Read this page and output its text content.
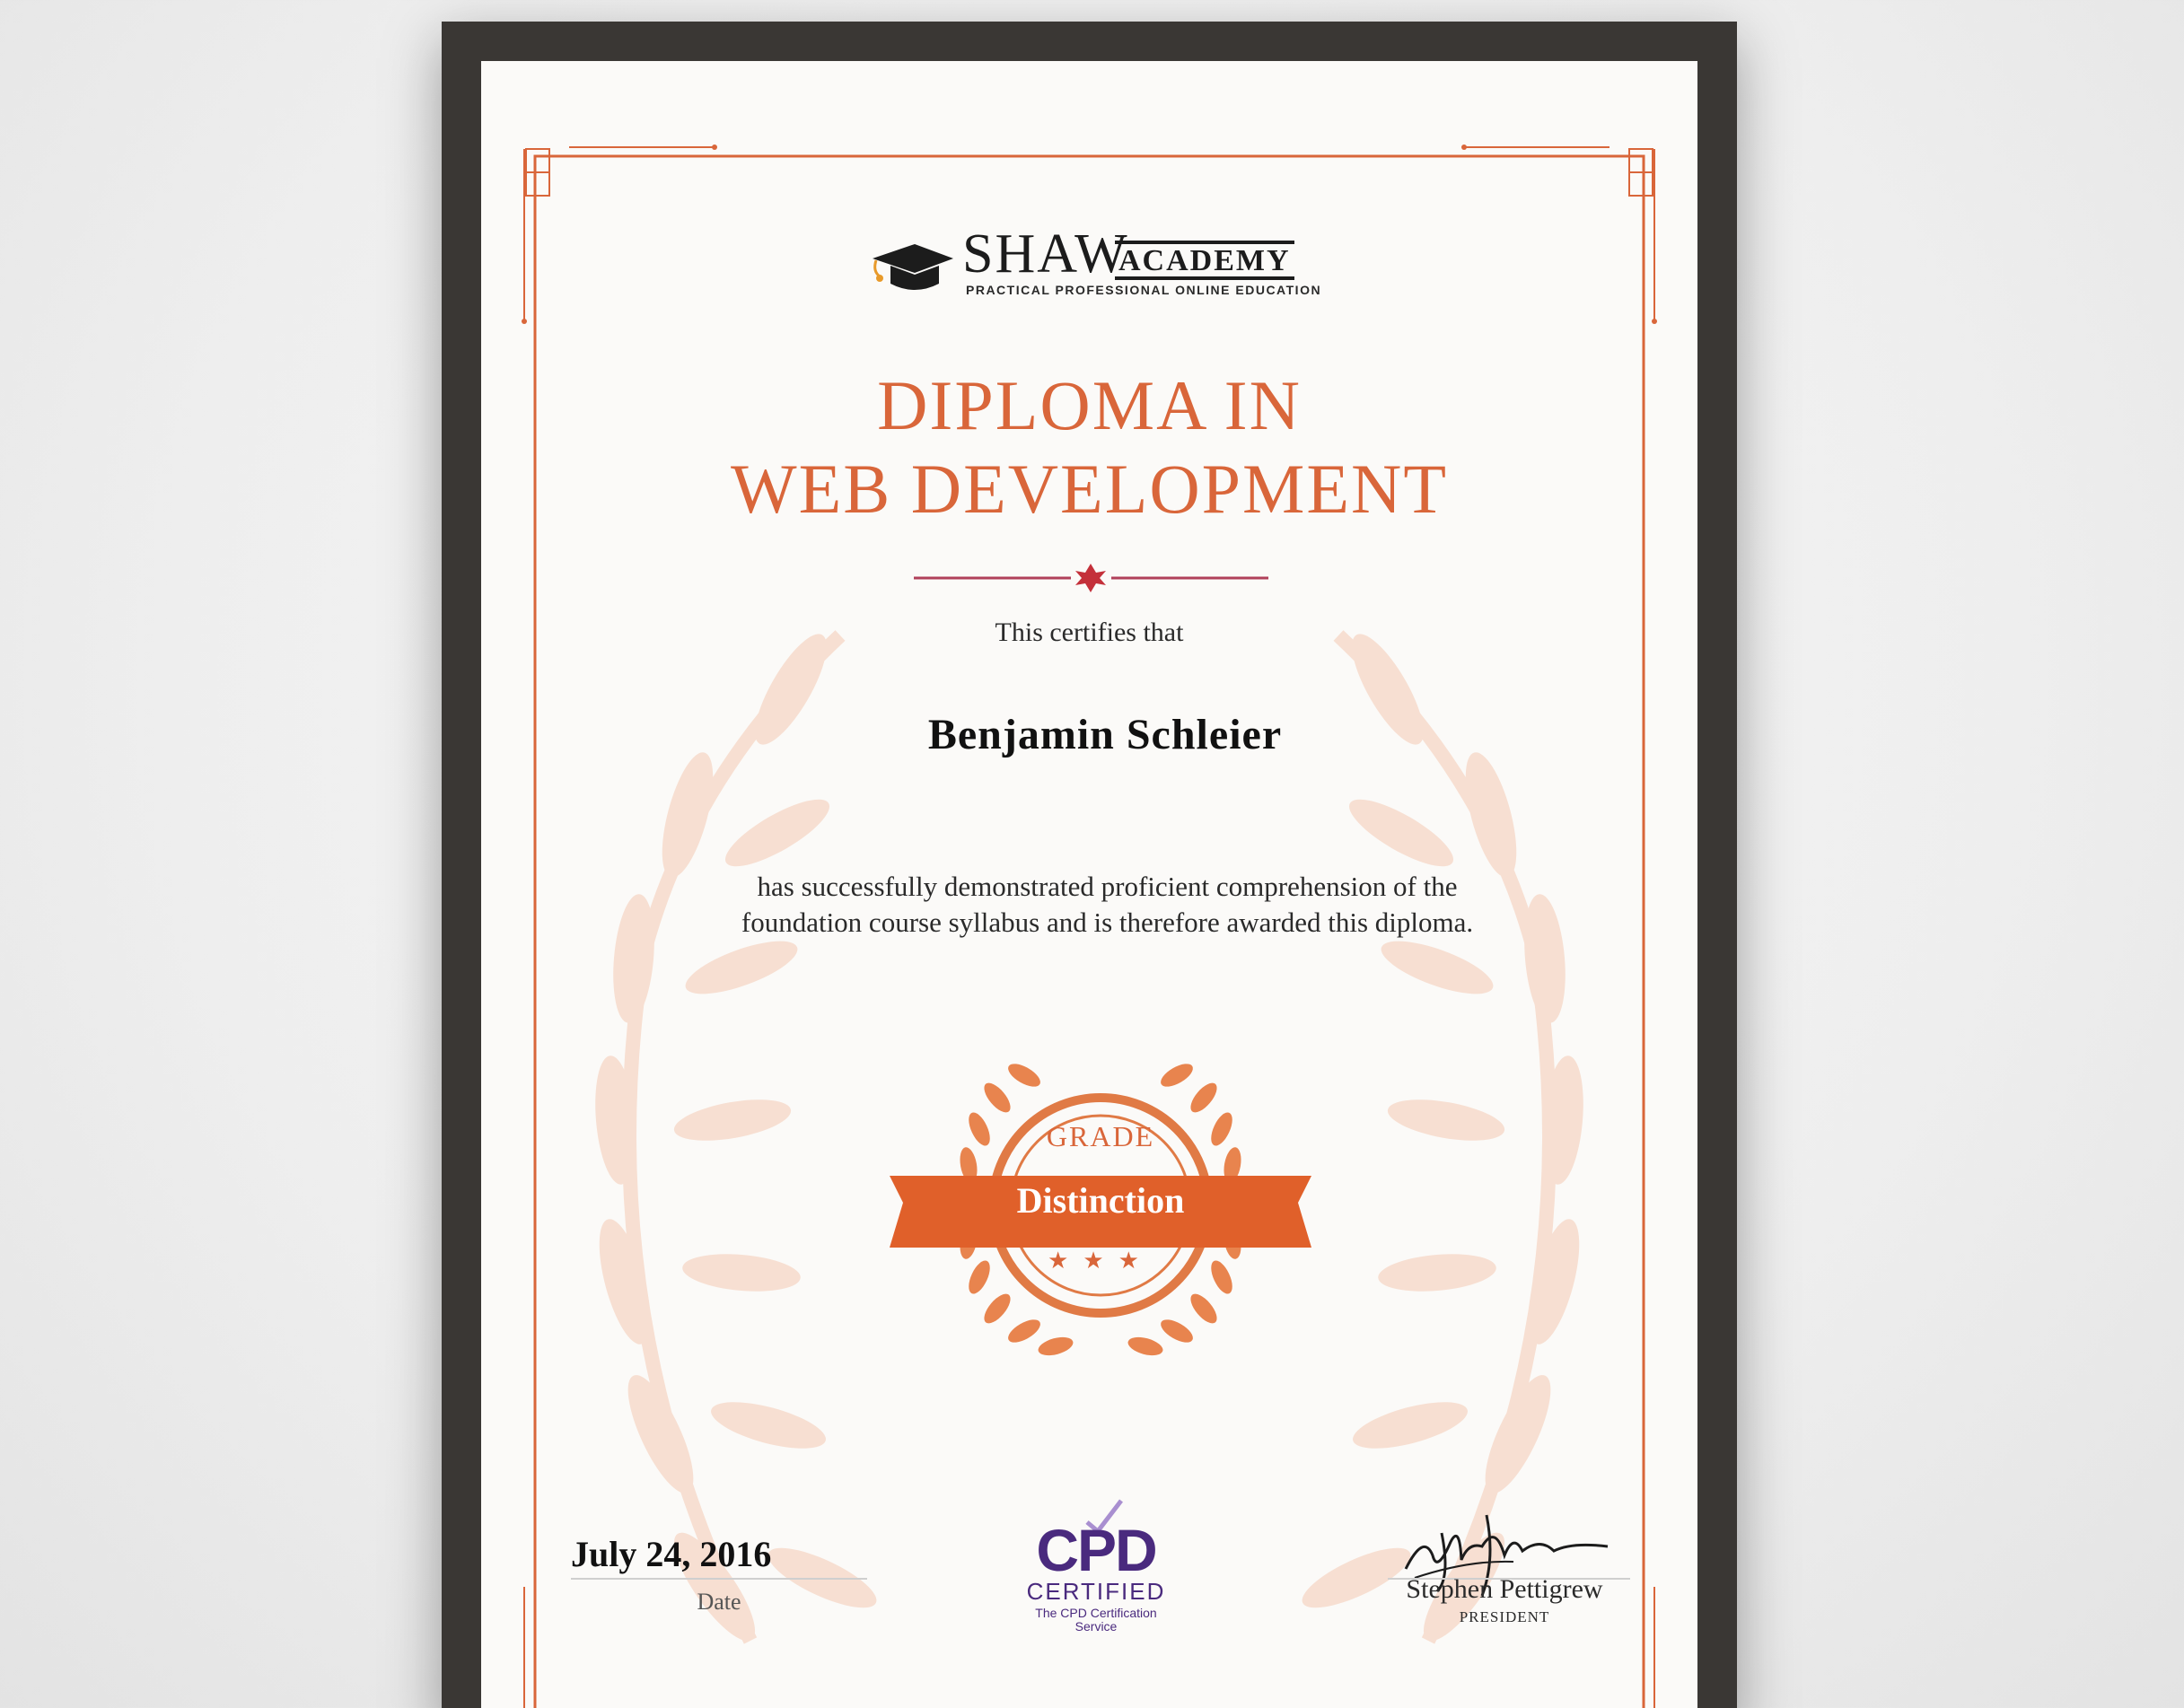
SHAW
ACADEMY
PRACTICAL PROFESSIONAL ONLINE EDUCATION
DIPLOMA IN
WEB DEVELOPMENT
This certifies that
Benjamin Schleier
has successfully demonstrated proficient comprehension of the
foundation course syllabus and is therefore awarded this diploma.
GRADE
Distinction
★★★
July 24, 2016
Date
CPD
CERTIFIED
The CPD Certification
Service
Stephen Pettigrew
PRESIDENT
